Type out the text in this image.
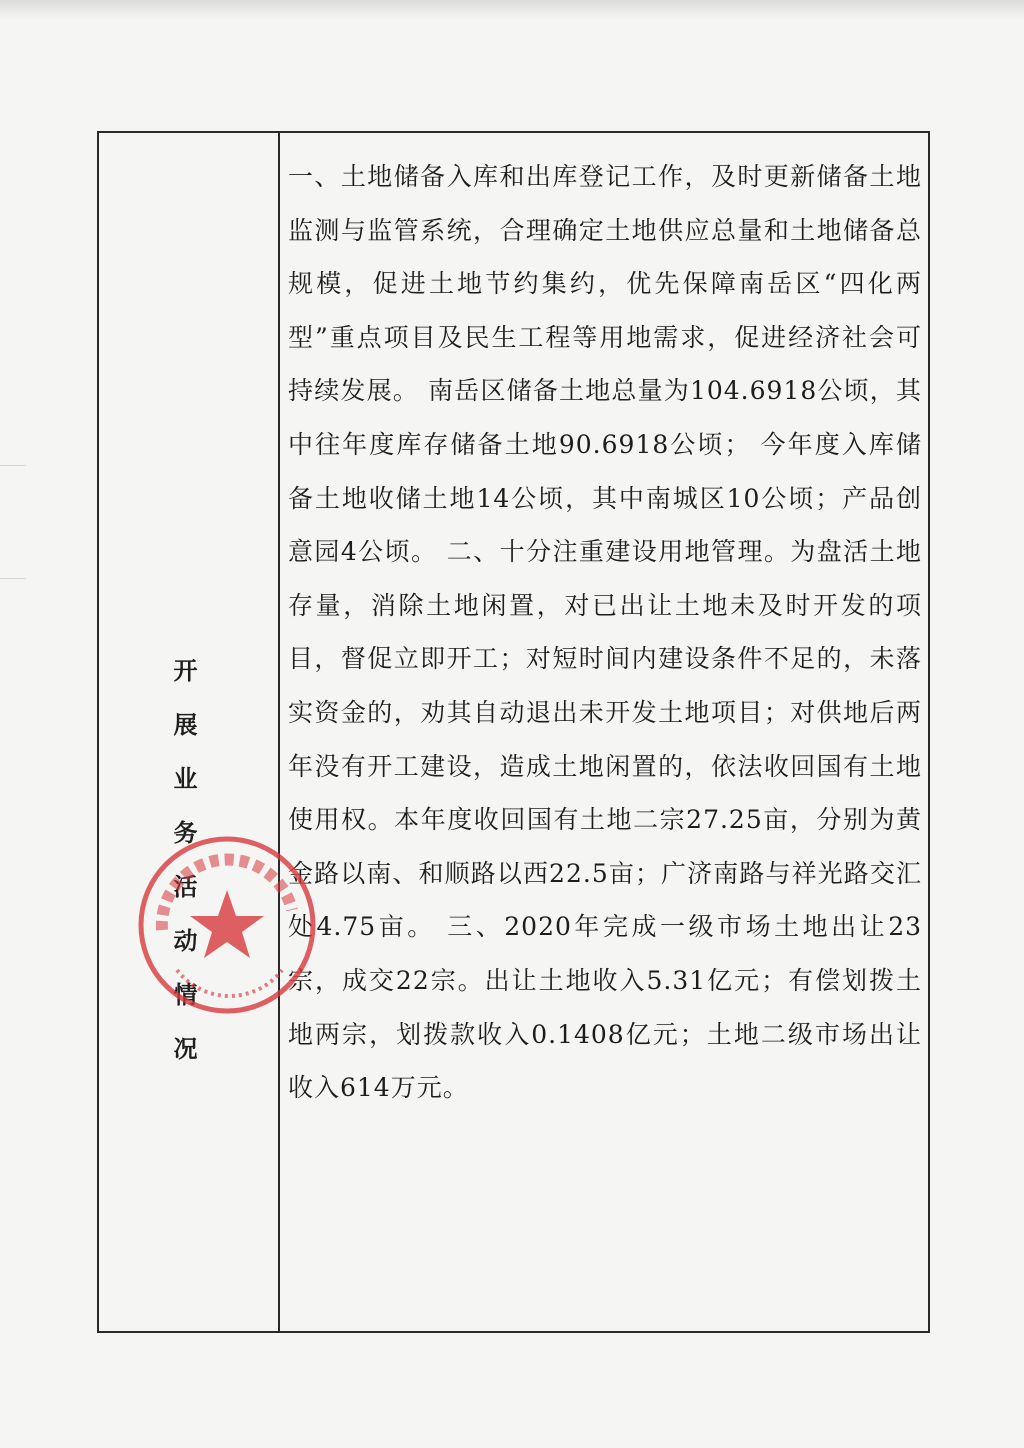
开展业务活动情况

一、土地储备入库和出库登记工作，及时更新储备土地监测与监管系统，合理确定土地供应总量和土地储备总规模，促进土地节约集约，优先保障南岳区“四化两型”重点项目及民生工程等用地需求，促进经济社会可持续发展。 南岳区储备土地总量为104.6918公顷，其中往年度库存储备土地90.6918公顷； 今年度入库储备土地收储土地14公顷，其中南城区10公顷；产品创意园4公顷。 二、十分注重建设用地管理。为盘活土地存量，消除土地闲置，对已出让土地未及时开发的项目，督促立即开工；对短时间内建设条件不足的，未落实资金的，劝其自动退出未开发土地项目；对供地后两年没有开工建设，造成土地闲置的，依法收回国有土地使用权。本年度收回国有土地二宗27.25亩，分别为黄金路以南、和顺路以西22.5亩；广济南路与祥光路交汇处4.75亩。 三、2020年完成一级市场土地出让23宗，成交22宗。出让土地收入5.31亿元；有偿划拨土地两宗，划拨款收入0.1408亿元；土地二级市场出让收入614万元。
